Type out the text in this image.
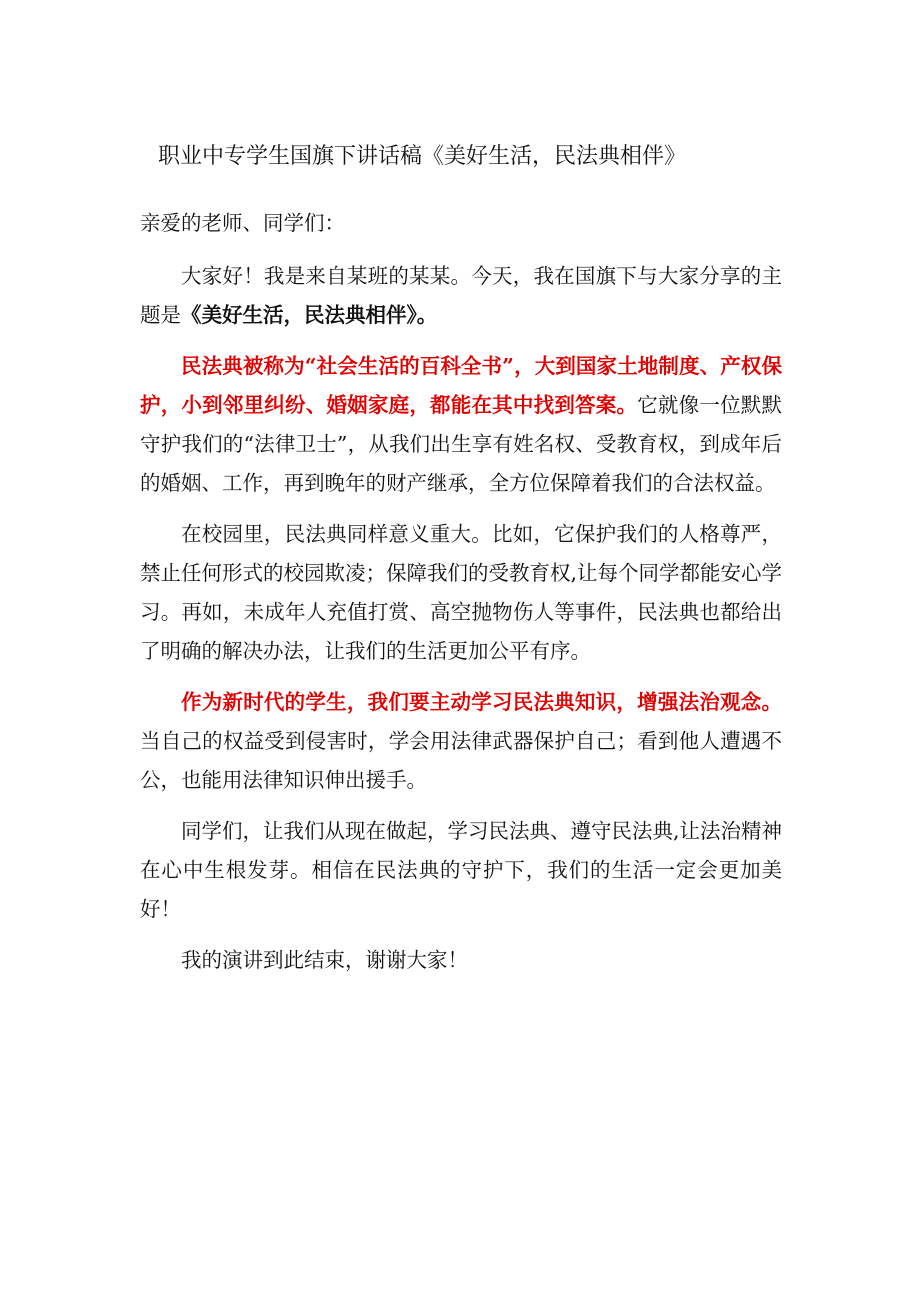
职业中专学生国旗下讲话稿《美好生活，民法典相伴》

亲爱的老师、同学们：

大家好！我是来自某班的某某。今天，我在国旗下与大家分享的主题是《美好生活，民法典相伴》。

民法典被称为“社会生活的百科全书”，大到国家土地制度、产权保护，小到邻里纠纷、婚姻家庭，都能在其中找到答案。它就像一位默默守护我们的“法律卫士”，从我们出生享有姓名权、受教育权，到成年后的婚姻、工作，再到晚年的财产继承，全方位保障着我们的合法权益。

在校园里，民法典同样意义重大。比如，它保护我们的人格尊严，禁止任何形式的校园欺凌；保障我们的受教育权,让每个同学都能安心学习。再如，未成年人充值打赏、高空抛物伤人等事件，民法典也都给出了明确的解决办法，让我们的生活更加公平有序。

作为新时代的学生，我们要主动学习民法典知识，增强法治观念。当自己的权益受到侵害时，学会用法律武器保护自己；看到他人遭遇不公，也能用法律知识伸出援手。

同学们，让我们从现在做起，学习民法典、遵守民法典,让法治精神在心中生根发芽。相信在民法典的守护下，我们的生活一定会更加美好！

我的演讲到此结束，谢谢大家！
